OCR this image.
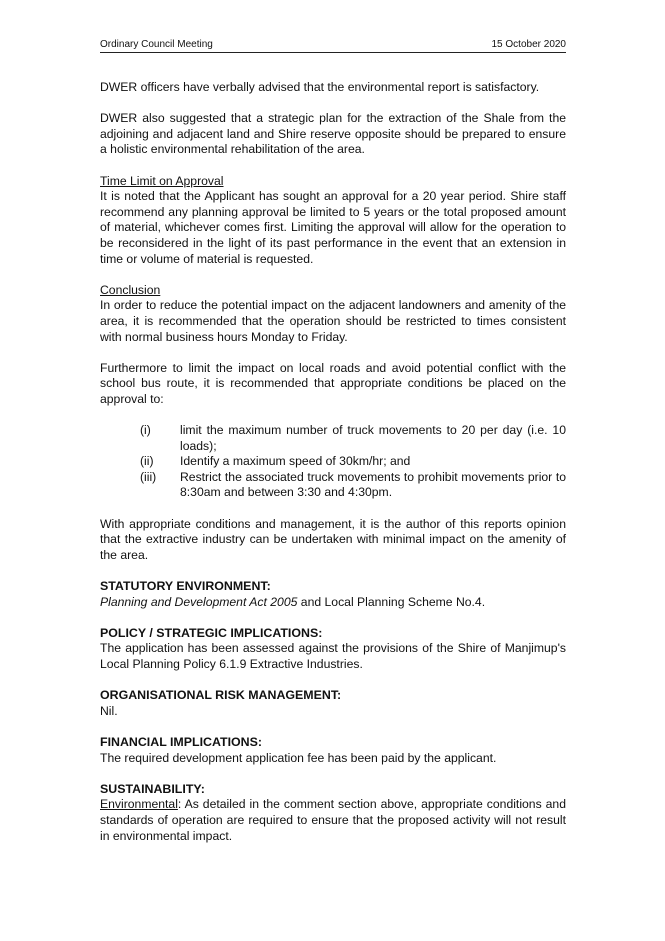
Ordinary Council Meeting	15 October 2020

DWER officers have verbally advised that the environmental report is satisfactory.

DWER also suggested that a strategic plan for the extraction of the Shale from the adjoining and adjacent land and Shire reserve opposite should be prepared to ensure a holistic environmental rehabilitation of the area.

Time Limit on Approval
It is noted that the Applicant has sought an approval for a 20 year period. Shire staff recommend any planning approval be limited to 5 years or the total proposed amount of material, whichever comes first. Limiting the approval will allow for the operation to be reconsidered in the light of its past performance in the event that an extension in time or volume of material is requested.
Conclusion
In order to reduce the potential impact on the adjacent landowners and amenity of the area, it is recommended that the operation should be restricted to times consistent with normal business hours Monday to Friday.

Furthermore to limit the impact on local roads and avoid potential conflict with the school bus route, it is recommended that appropriate conditions be placed on the approval to:

(i)	limit the maximum number of truck movements to 20 per day (i.e. 10 loads);
(ii)	Identify a maximum speed of 30km/hr; and
(iii)	Restrict the associated truck movements to prohibit movements prior to 8:30am and between 3:30 and 4:30pm.

With appropriate conditions and management, it is the author of this reports opinion that the extractive industry can be undertaken with minimal impact on the amenity of the area.

STATUTORY ENVIRONMENT:
Planning and Development Act 2005 and Local Planning Scheme No.4.
POLICY / STRATEGIC IMPLICATIONS:
The application has been assessed against the provisions of the Shire of Manjimup's Local Planning Policy 6.1.9 Extractive Industries.
ORGANISATIONAL RISK MANAGEMENT:
Nil.
FINANCIAL IMPLICATIONS:
The required development application fee has been paid by the applicant.
SUSTAINABILITY:
Environmental: As detailed in the comment section above, appropriate conditions and standards of operation are required to ensure that the proposed activity will not result in environmental impact.
